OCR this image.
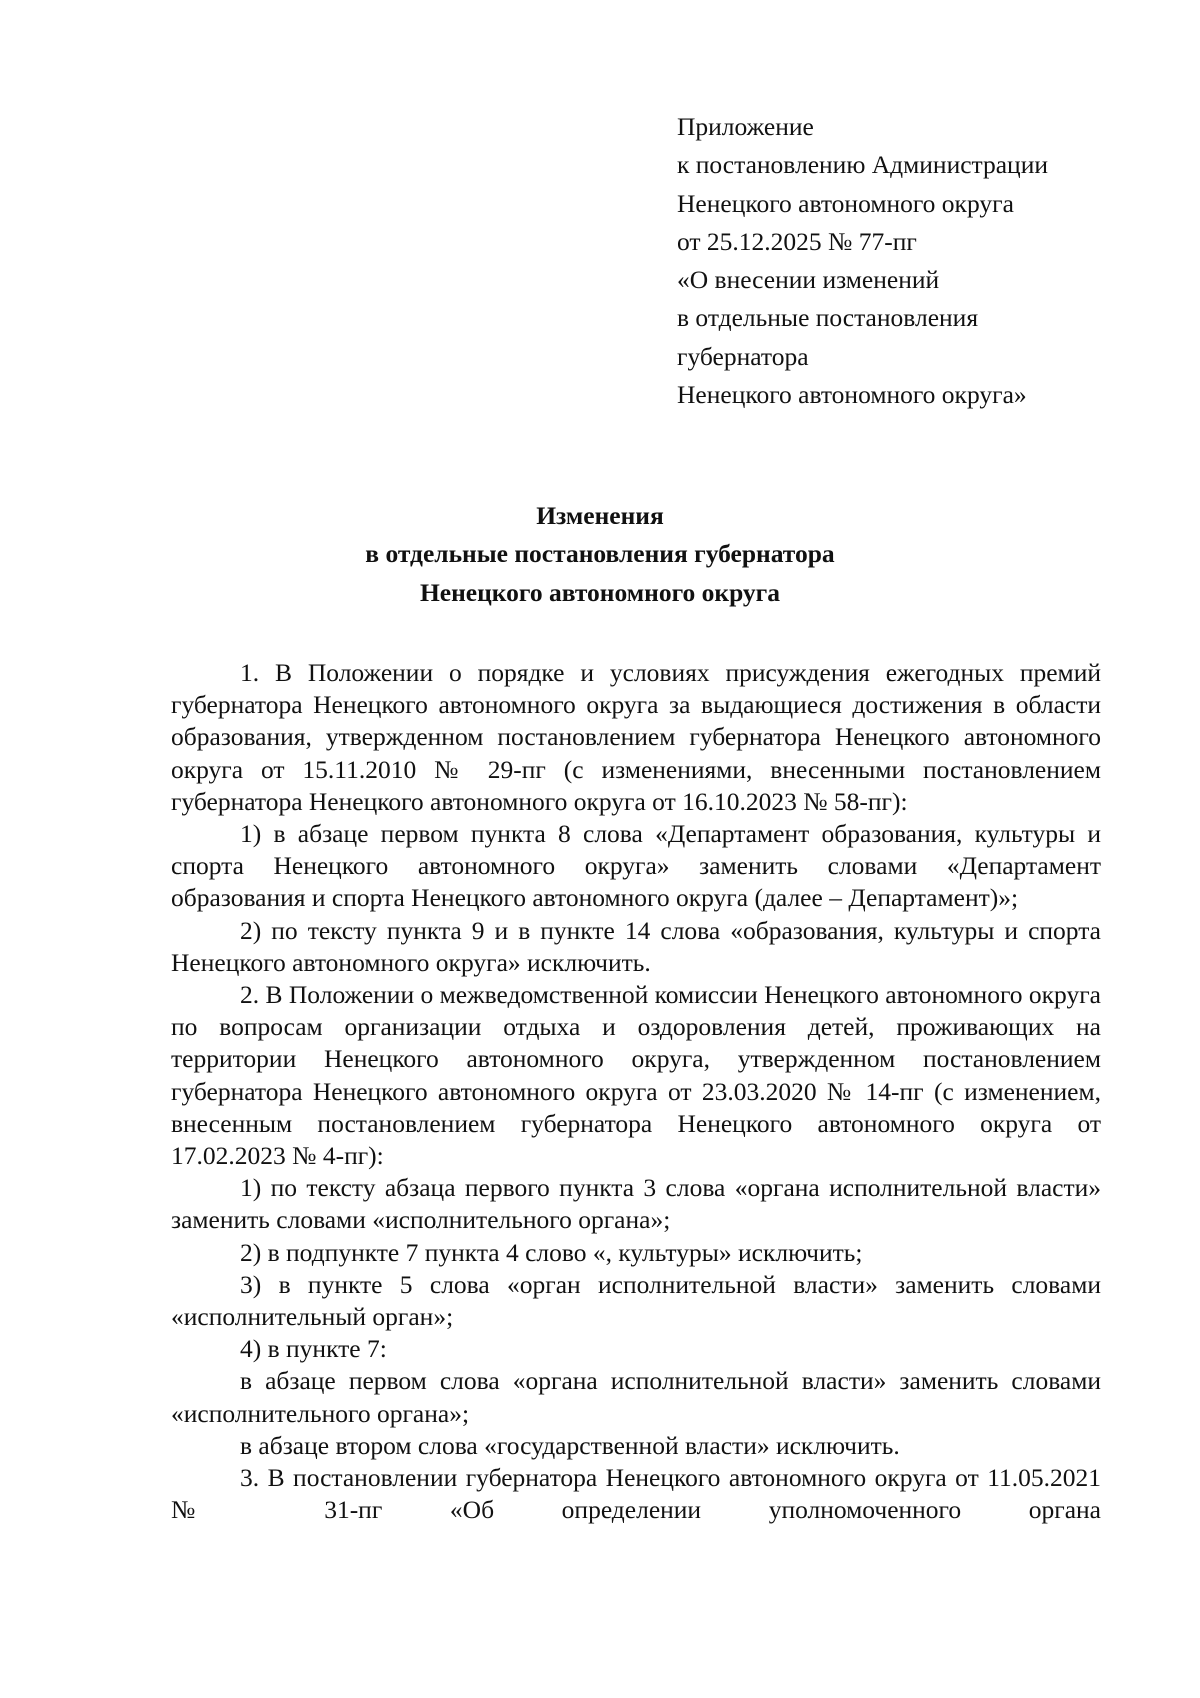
Приложение
к постановлению Администрации
Ненецкого автономного округа
от 25.12.2025 № 77-пг
«О внесении изменений
в отдельные постановления
губернатора
Ненецкого автономного округа»
Изменения
в отдельные постановления губернатора
Ненецкого автономного округа

1. В Положении о порядке и условиях присуждения ежегодных премий губернатора Ненецкого автономного округа за выдающиеся достижения в области образования, утвержденном постановлением губернатора Ненецкого автономного округа от 15.11.2010 № 29-пг (с изменениями, внесенными постановлением губернатора Ненецкого автономного округа от 16.10.2023 № 58-пг):

1) в абзаце первом пункта 8 слова «Департамент образования, культуры и спорта Ненецкого автономного округа» заменить словами «Департамент образования и спорта Ненецкого автономного округа (далее – Департамент)»;

2) по тексту пункта 9 и в пункте 14 слова «образования, культуры и спорта Ненецкого автономного округа» исключить.

2. В Положении о межведомственной комиссии Ненецкого автономного округа по вопросам организации отдыха и оздоровления детей, проживающих на территории Ненецкого автономного округа, утвержденном постановлением губернатора Ненецкого автономного округа от 23.03.2020 № 14-пг (с изменением, внесенным постановлением губернатора Ненецкого автономного округа от 17.02.2023 № 4-пг):

1) по тексту абзаца первого пункта 3 слова «органа исполнительной власти» заменить словами «исполнительного органа»;

2) в подпункте 7 пункта 4 слово «, культуры» исключить;

3) в пункте 5 слова «орган исполнительной власти» заменить словами «исполнительный орган»;

4) в пункте 7:

в абзаце первом слова «органа исполнительной власти» заменить словами «исполнительного органа»;

в абзаце втором слова «государственной власти» исключить.

3. В постановлении губернатора Ненецкого автономного округа от 11.05.2021 № 31-пг «Об определении уполномоченного органа
